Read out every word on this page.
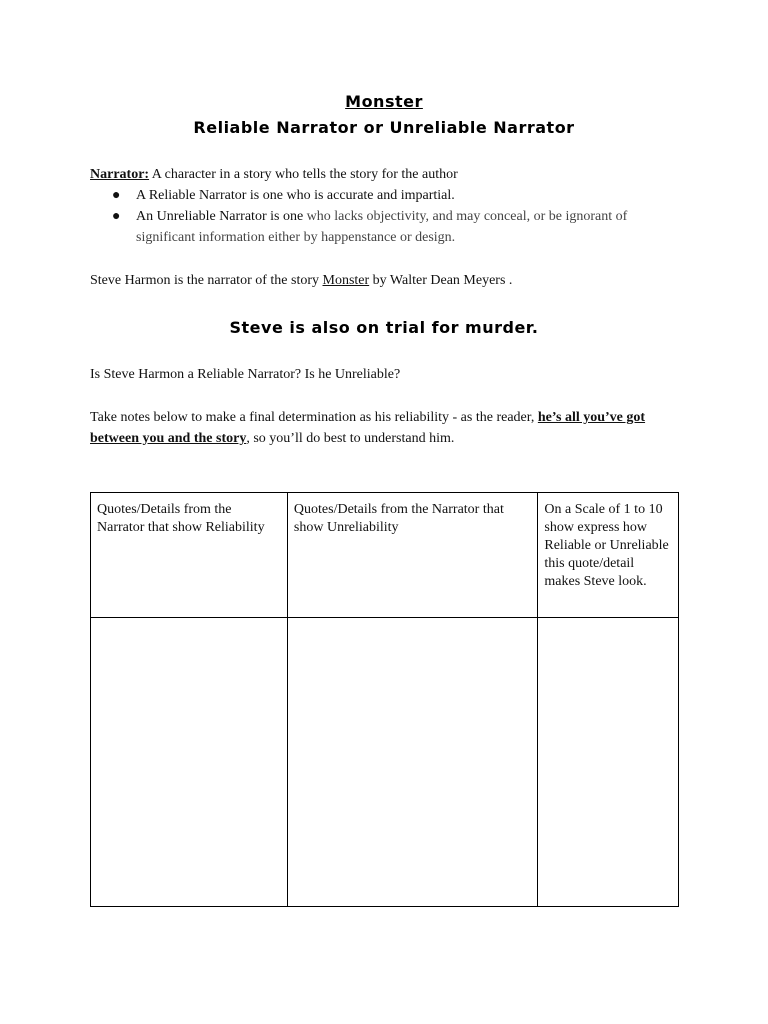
Monster
Reliable Narrator or Unreliable Narrator
Narrator: A character in a story who tells the story for the author
● A Reliable Narrator is one who is accurate and impartial.
● An Unreliable Narrator is one who lacks objectivity, and may conceal, or be ignorant of significant information either by happenstance or design.
Steve Harmon is the narrator of the story Monster by Walter Dean Meyers .
Steve is also on trial for murder.
Is Steve Harmon a Reliable Narrator? Is he Unreliable?
Take notes below to make a final determination as his reliability - as the reader, he’s all you’ve got between you and the story, so you’ll do best to understand him.
Quotes/Details from the Narrator that show Reliability	Quotes/Details from the Narrator that show Unreliability	On a Scale of 1 to 10 show express how Reliable or Unreliable this quote/detail makes Steve look.
